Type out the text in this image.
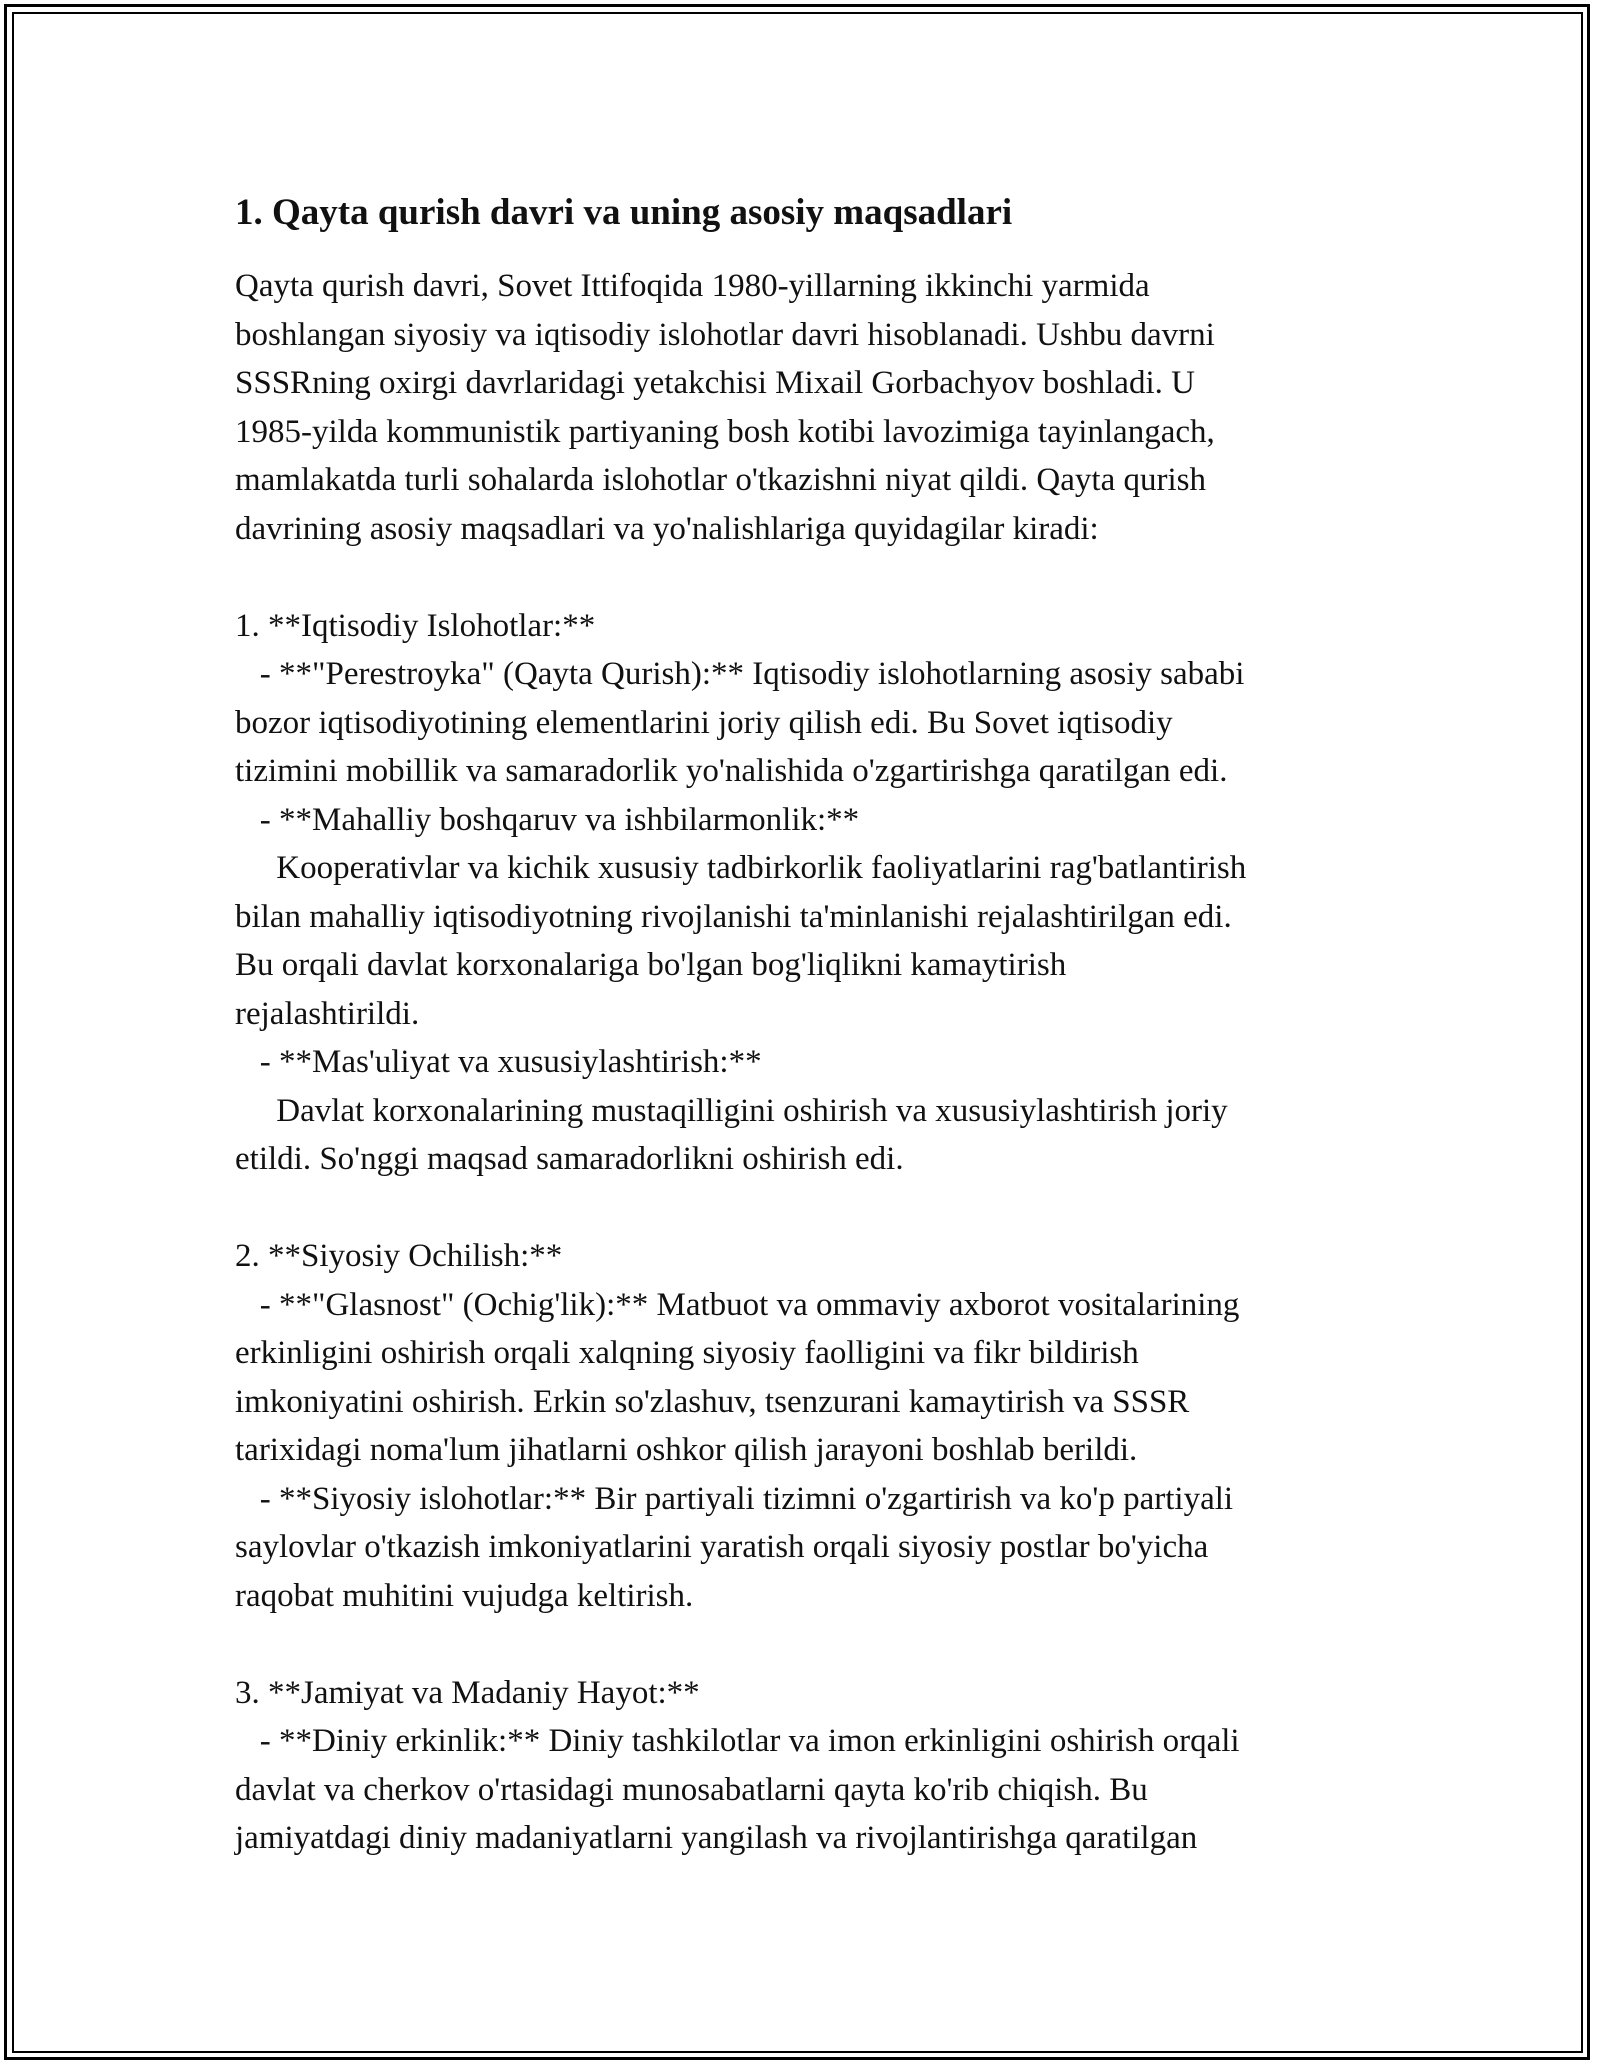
1. Qayta qurish davri va uning asosiy maqsadlari

Qayta qurish davri, Sovet Ittifoqida 1980-yillarning ikkinchi yarmida
boshlangan siyosiy va iqtisodiy islohotlar davri hisoblanadi. Ushbu davrni
SSSRning oxirgi davrlaridagi yetakchisi Mixail Gorbachyov boshladi. U
1985-yilda kommunistik partiyaning bosh kotibi lavozimiga tayinlangach,
mamlakatda turli sohalarda islohotlar o'tkazishni niyat qildi. Qayta qurish
davrining asosiy maqsadlari va yo'nalishlariga quyidagilar kiradi:

1. **Iqtisodiy Islohotlar:**
- **"Perestroyka" (Qayta Qurish):** Iqtisodiy islohotlarning asosiy sababi
bozor iqtisodiyotining elementlarini joriy qilish edi. Bu Sovet iqtisodiy
tizimini mobillik va samaradorlik yo'nalishida o'zgartirishga qaratilgan edi.
- **Mahalliy boshqaruv va ishbilarmonlik:**
Kooperativlar va kichik xususiy tadbirkorlik faoliyatlarini rag'batlantirish
bilan mahalliy iqtisodiyotning rivojlanishi ta'minlanishi rejalashtirilgan edi.
Bu orqali davlat korxonalariga bo'lgan bog'liqlikni kamaytirish
rejalashtirildi.
- **Mas'uliyat va xususiylashtirish:**
Davlat korxonalarining mustaqilligini oshirish va xususiylashtirish joriy
etildi. So'nggi maqsad samaradorlikni oshirish edi.

2. **Siyosiy Ochilish:**
- **"Glasnost" (Ochig'lik):** Matbuot va ommaviy axborot vositalarining
erkinligini oshirish orqali xalqning siyosiy faolligini va fikr bildirish
imkoniyatini oshirish. Erkin so'zlashuv, tsenzurani kamaytirish va SSSR
tarixidagi noma'lum jihatlarni oshkor qilish jarayoni boshlab berildi.
- **Siyosiy islohotlar:** Bir partiyali tizimni o'zgartirish va ko'p partiyali
saylovlar o'tkazish imkoniyatlarini yaratish orqali siyosiy postlar bo'yicha
raqobat muhitini vujudga keltirish.

3. **Jamiyat va Madaniy Hayot:**
- **Diniy erkinlik:** Diniy tashkilotlar va imon erkinligini oshirish orqali
davlat va cherkov o'rtasidagi munosabatlarni qayta ko'rib chiqish. Bu
jamiyatdagi diniy madaniyatlarni yangilash va rivojlantirishga qaratilgan
